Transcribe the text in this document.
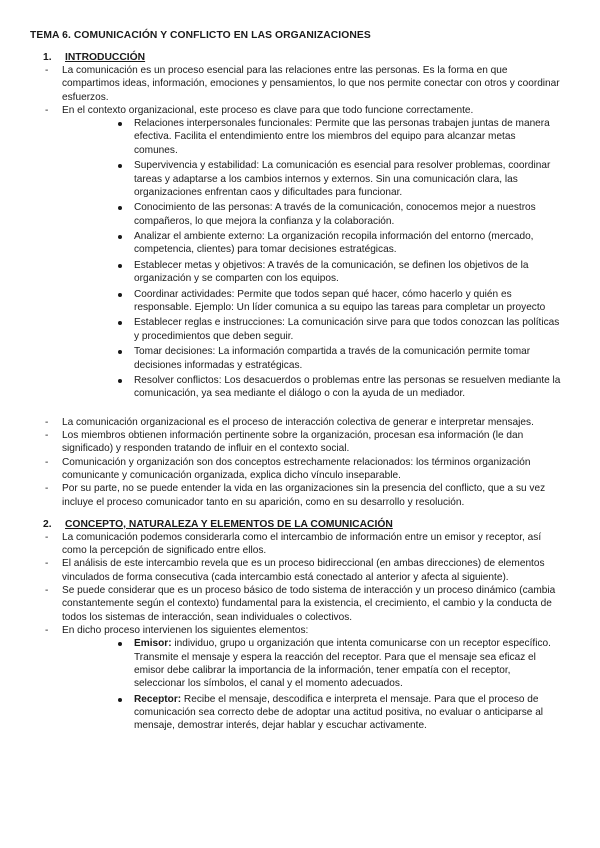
TEMA 6. COMUNICACIÓN Y CONFLICTO EN LAS ORGANIZACIONES
1.	INTRODUCCIÓN
- La comunicación es un proceso esencial para las relaciones entre las personas. Es la forma en que compartimos ideas, información, emociones y pensamientos, lo que nos permite conectar con otros y coordinar esfuerzos.
- En el contexto organizacional, este proceso es clave para que todo funcione correctamente.
Relaciones interpersonales funcionales: Permite que las personas trabajen juntas de manera efectiva. Facilita el entendimiento entre los miembros del equipo para alcanzar metas comunes.
Supervivencia y estabilidad: La comunicación es esencial para resolver problemas, coordinar tareas y adaptarse a los cambios internos y externos. Sin una comunicación clara, las organizaciones enfrentan caos y dificultades para funcionar.
Conocimiento de las personas: A través de la comunicación, conocemos mejor a nuestros compañeros, lo que mejora la confianza y la colaboración.
Analizar el ambiente externo: La organización recopila información del entorno (mercado, competencia, clientes) para tomar decisiones estratégicas.
Establecer metas y objetivos: A través de la comunicación, se definen los objetivos de la organización y se comparten con los equipos.
Coordinar actividades: Permite que todos sepan qué hacer, cómo hacerlo y quién es responsable. Ejemplo: Un líder comunica a su equipo las tareas para completar un proyecto
Establecer reglas e instrucciones: La comunicación sirve para que todos conozcan las políticas y procedimientos que deben seguir.
Tomar decisiones: La información compartida a través de la comunicación permite tomar decisiones informadas y estratégicas.
Resolver conflictos: Los desacuerdos o problemas entre las personas se resuelven mediante la comunicación, ya sea mediante el diálogo o con la ayuda de un mediador.
- La comunicación organizacional es el proceso de interacción colectiva de generar e interpretar mensajes.
- Los miembros obtienen información pertinente sobre la organización, procesan esa información (le dan significado) y responden tratando de influir en el contexto social.
- Comunicación y organización son dos conceptos estrechamente relacionados: los términos organización comunicante y comunicación organizada, explica dicho vínculo inseparable.
- Por su parte, no se puede entender la vida en las organizaciones sin la presencia del conflicto, que a su vez incluye el proceso comunicador tanto en su aparición, como en su desarrollo y resolución.
2.	CONCEPTO, NATURALEZA Y ELEMENTOS DE LA COMUNICACIÓN
- La comunicación podemos considerarla como el intercambio de información entre un emisor y receptor, así como la percepción de significado entre ellos.
- El análisis de este intercambio revela que es un proceso bidireccional (en ambas direcciones) de elementos vinculados de forma consecutiva (cada intercambio está conectado al anterior y afecta al siguiente).
- Se puede considerar que es un proceso básico de todo sistema de interacción y un proceso dinámico (cambia constantemente según el contexto) fundamental para la existencia, el crecimiento, el cambio y la conducta de todos los sistemas de interacción, sean individuales o colectivos.
- En dicho proceso intervienen los siguientes elementos:
Emisor: individuo, grupo u organización que intenta comunicarse con un receptor específico. Transmite el mensaje y espera la reacción del receptor. Para que el mensaje sea eficaz el emisor debe calibrar la importancia de la información, tener empatía con el receptor, seleccionar los símbolos, el canal y el momento adecuados.
Receptor: Recibe el mensaje, descodifica e interpreta el mensaje. Para que el proceso de comunicación sea correcto debe de adoptar una actitud positiva, no evaluar o anticiparse al mensaje, demostrar interés, dejar hablar y escuchar activamente.
